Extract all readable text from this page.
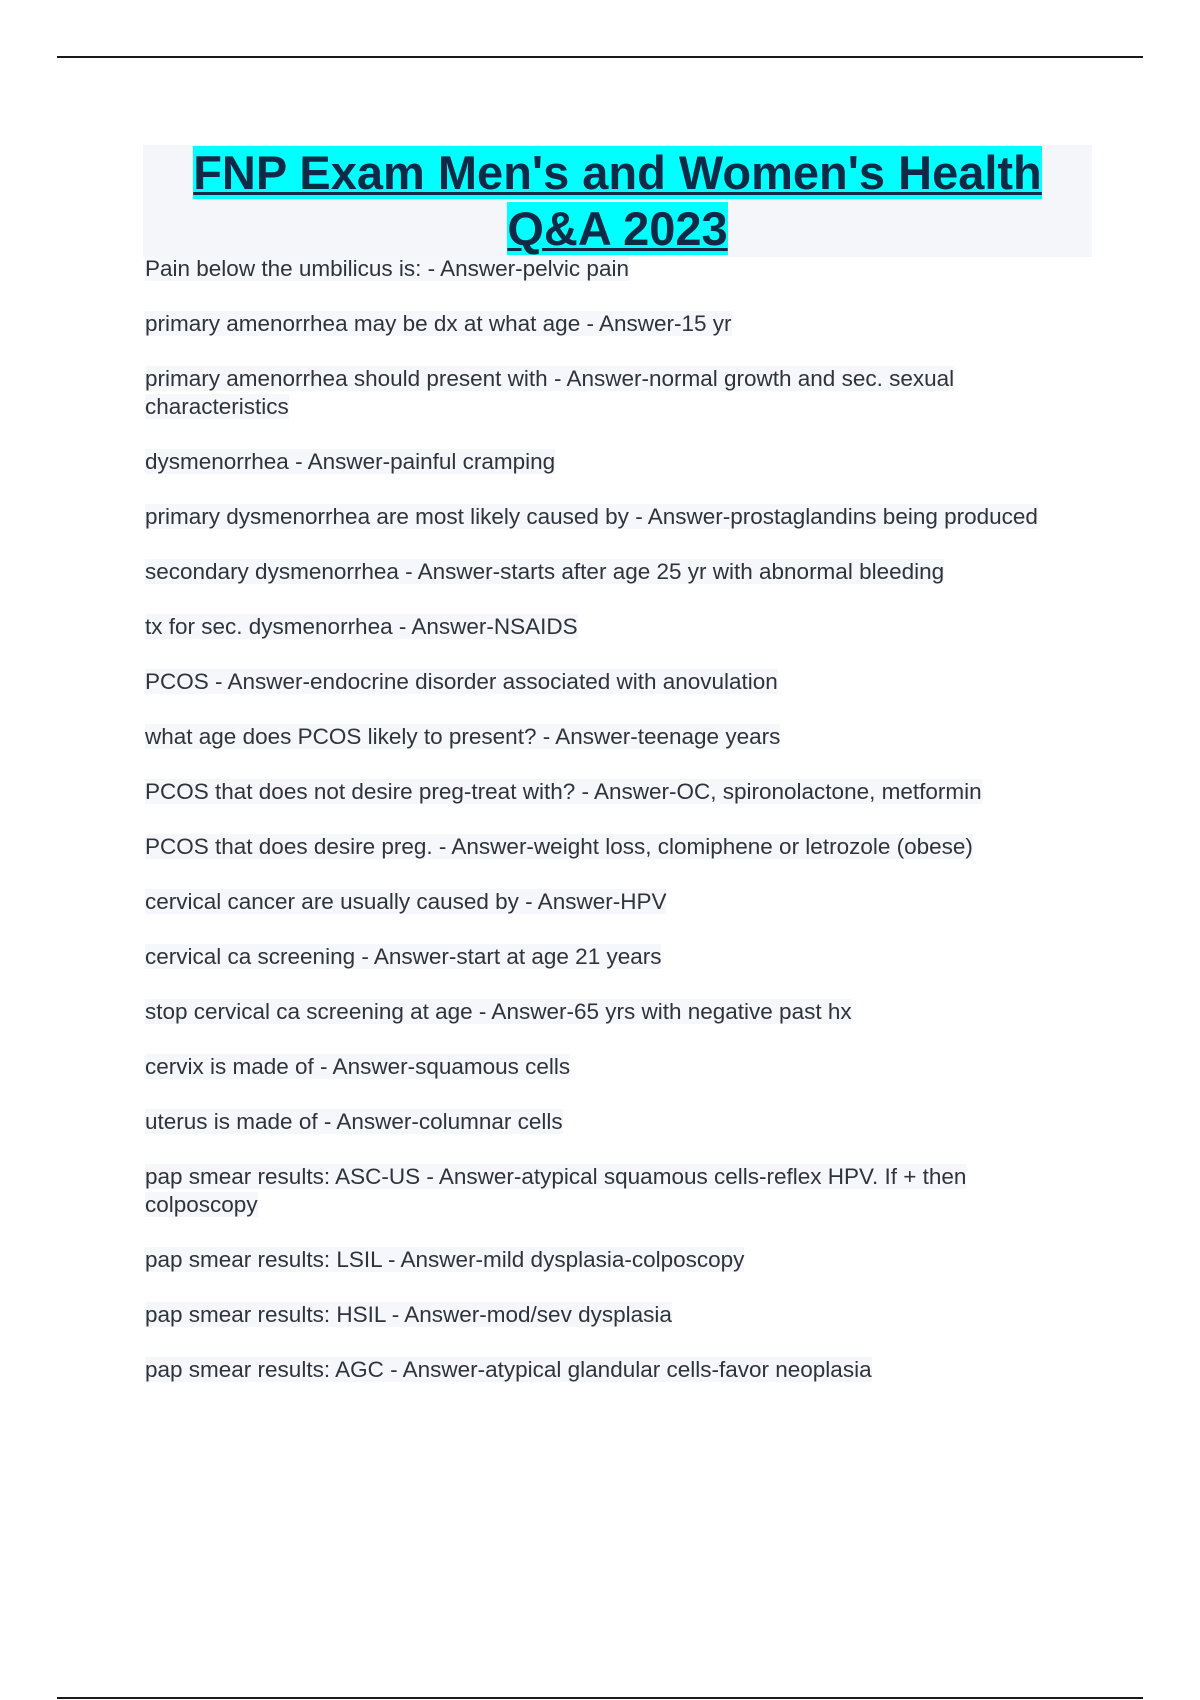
FNP Exam Men's and Women's Health Q&A 2023
Pain below the umbilicus is: - Answer-pelvic pain
primary amenorrhea may be dx at what age - Answer-15 yr
primary amenorrhea should present with - Answer-normal growth and sec. sexual characteristics
dysmenorrhea - Answer-painful cramping
primary dysmenorrhea are most likely caused by - Answer-prostaglandins being produced
secondary dysmenorrhea - Answer-starts after age 25 yr with abnormal bleeding
tx for sec. dysmenorrhea - Answer-NSAIDS
PCOS - Answer-endocrine disorder associated with anovulation
what age does PCOS likely to present? - Answer-teenage years
PCOS that does not desire preg-treat with? - Answer-OC, spironolactone, metformin
PCOS that does desire preg. - Answer-weight loss, clomiphene or letrozole (obese)
cervical cancer are usually caused by - Answer-HPV
cervical ca screening - Answer-start at age 21 years
stop cervical ca screening at age - Answer-65 yrs with negative past hx
cervix is made of - Answer-squamous cells
uterus is made of - Answer-columnar cells
pap smear results: ASC-US - Answer-atypical squamous cells-reflex HPV. If + then colposcopy
pap smear results: LSIL - Answer-mild dysplasia-colposcopy
pap smear results: HSIL - Answer-mod/sev dysplasia
pap smear results: AGC - Answer-atypical glandular cells-favor neoplasia
